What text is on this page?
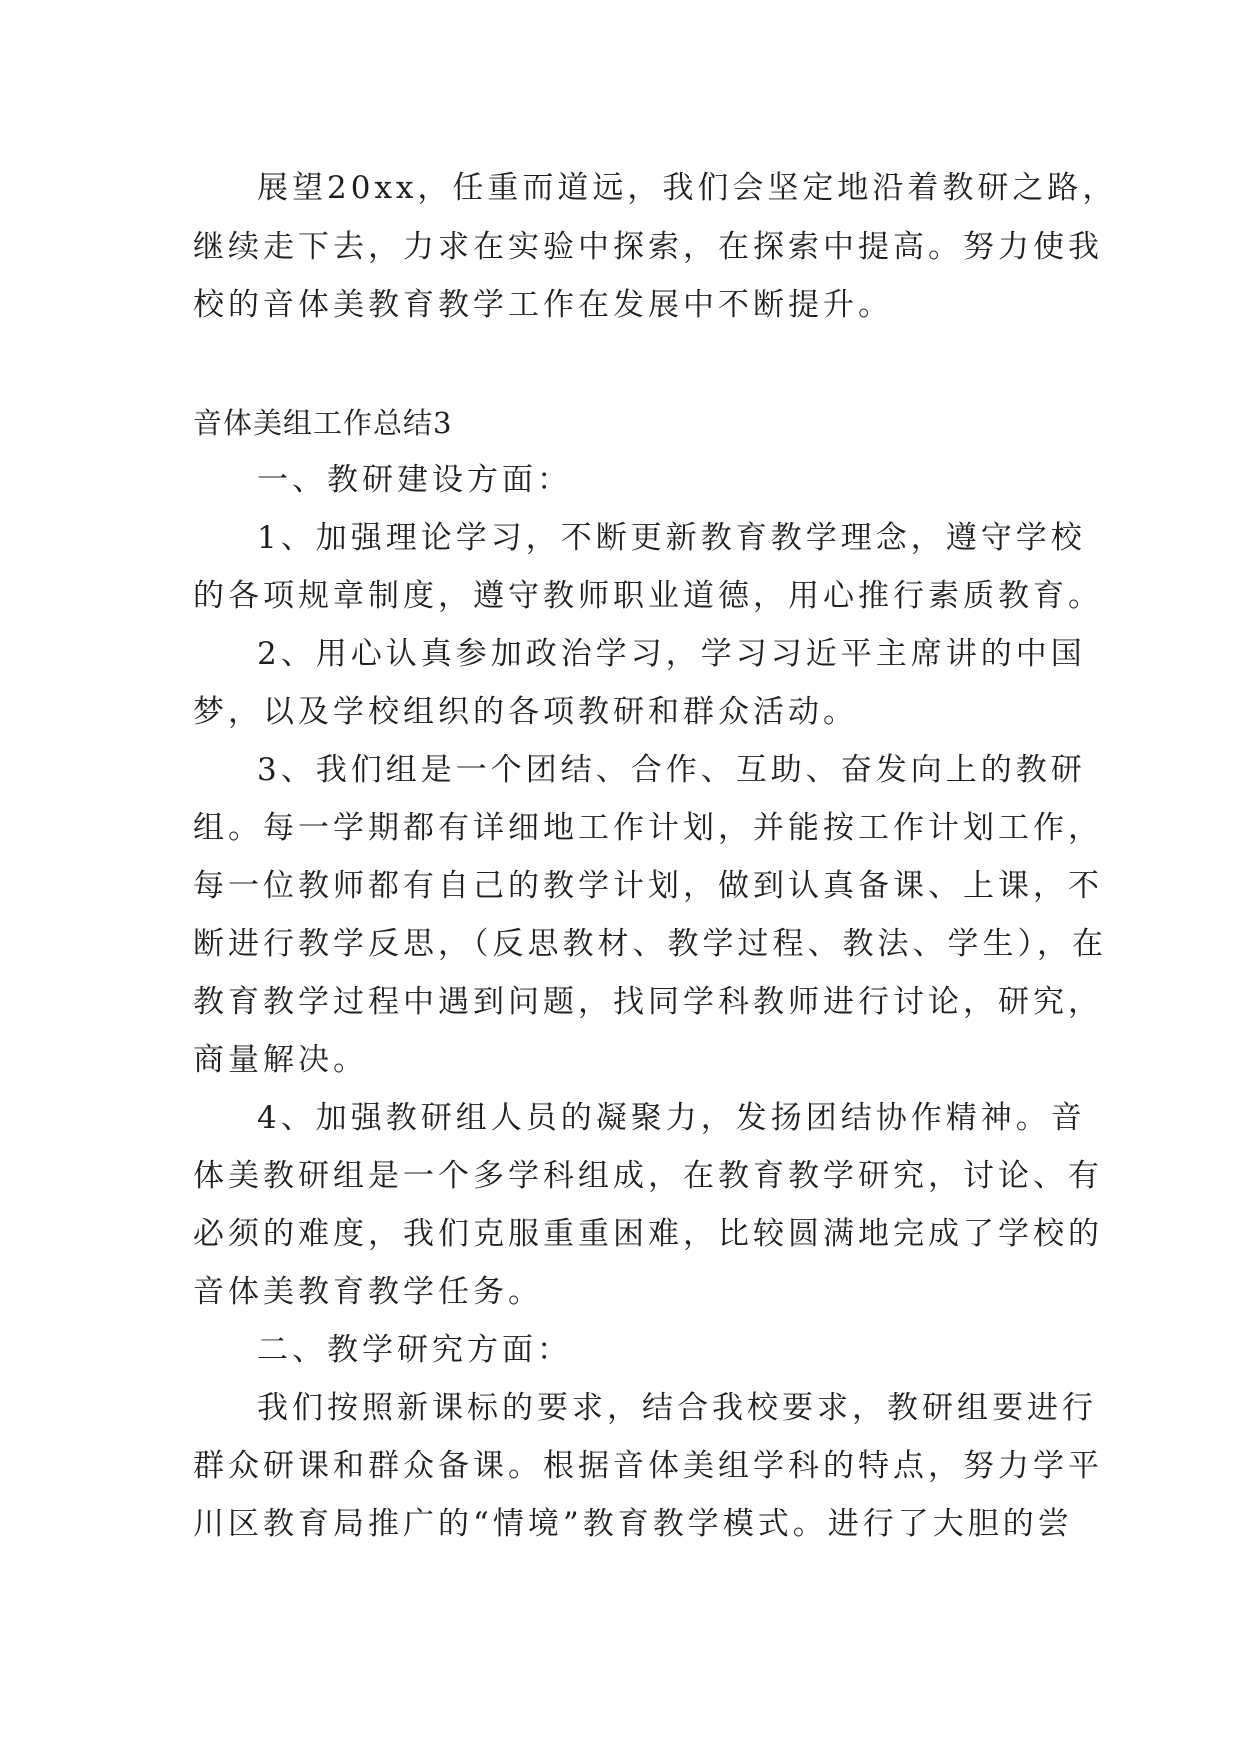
展望20xx，任重而道远，我们会坚定地沿着教研之路，
继续走下去，力求在实验中探索，在探索中提高。努力使我
校的音体美教育教学工作在发展中不断提升。
音体美组工作总结3
一、教研建设方面：
1、加强理论学习，不断更新教育教学理念，遵守学校
的各项规章制度，遵守教师职业道德，用心推行素质教育。
2、用心认真参加政治学习，学习习近平主席讲的中国
梦，以及学校组织的各项教研和群众活动。
3、我们组是一个团结、合作、互助、奋发向上的教研
组。每一学期都有详细地工作计划，并能按工作计划工作，
每一位教师都有自己的教学计划，做到认真备课、上课，不
断进行教学反思，（反思教材、教学过程、教法、学生），在
教育教学过程中遇到问题，找同学科教师进行讨论，研究，
商量解决。
4、加强教研组人员的凝聚力，发扬团结协作精神。音
体美教研组是一个多学科组成，在教育教学研究，讨论、有
必须的难度，我们克服重重困难，比较圆满地完成了学校的
音体美教育教学任务。
二、教学研究方面：
我们按照新课标的要求，结合我校要求，教研组要进行
群众研课和群众备课。根据音体美组学科的特点，努力学平
川区教育局推广的“情境”教育教学模式。进行了大胆的尝
